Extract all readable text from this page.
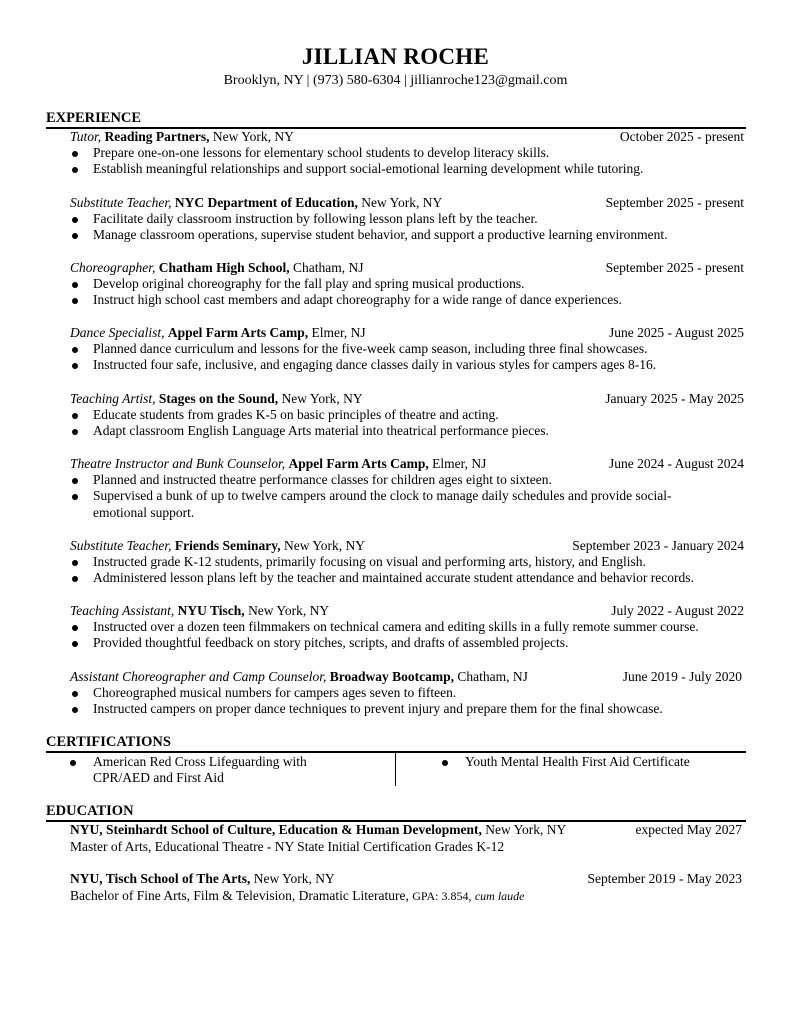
JILLIAN ROCHE
Brooklyn, NY | (973) 580-6304 | jillianroche123@gmail.com
EXPERIENCE
Tutor, Reading Partners, New York, NY	October 2025 - present
Prepare one-on-one lessons for elementary school students to develop literacy skills.
Establish meaningful relationships and support social-emotional learning development while tutoring.
Substitute Teacher, NYC Department of Education, New York, NY	September 2025 - present
Facilitate daily classroom instruction by following lesson plans left by the teacher.
Manage classroom operations, supervise student behavior, and support a productive learning environment.
Choreographer, Chatham High School, Chatham, NJ	September 2025 - present
Develop original choreography for the fall play and spring musical productions.
Instruct high school cast members and adapt choreography for a wide range of dance experiences.
Dance Specialist, Appel Farm Arts Camp, Elmer, NJ	June 2025 - August 2025
Planned dance curriculum and lessons for the five-week camp season, including three final showcases.
Instructed four safe, inclusive, and engaging dance classes daily in various styles for campers ages 8-16.
Teaching Artist, Stages on the Sound, New York, NY	January 2025 - May 2025
Educate students from grades K-5 on basic principles of theatre and acting.
Adapt classroom English Language Arts material into theatrical performance pieces.
Theatre Instructor and Bunk Counselor, Appel Farm Arts Camp, Elmer, NJ	June 2024 - August 2024
Planned and instructed theatre performance classes for children ages eight to sixteen.
Supervised a bunk of up to twelve campers around the clock to manage daily schedules and provide social-emotional support.
Substitute Teacher, Friends Seminary, New York, NY	September 2023 - January 2024
Instructed grade K-12 students, primarily focusing on visual and performing arts, history, and English.
Administered lesson plans left by the teacher and maintained accurate student attendance and behavior records.
Teaching Assistant, NYU Tisch, New York, NY	July 2022 - August 2022
Instructed over a dozen teen filmmakers on technical camera and editing skills in a fully remote summer course.
Provided thoughtful feedback on story pitches, scripts, and drafts of assembled projects.
Assistant Choreographer and Camp Counselor, Broadway Bootcamp, Chatham, NJ	June 2019 - July 2020
Choreographed musical numbers for campers ages seven to fifteen.
Instructed campers on proper dance techniques to prevent injury and prepare them for the final showcase.
CERTIFICATIONS
American Red Cross Lifeguarding with CPR/AED and First Aid
Youth Mental Health First Aid Certificate
EDUCATION
NYU, Steinhardt School of Culture, Education & Human Development, New York, NY	expected May 2027
Master of Arts, Educational Theatre - NY State Initial Certification Grades K-12
NYU, Tisch School of The Arts, New York, NY	September 2019 - May 2023
Bachelor of Fine Arts, Film & Television, Dramatic Literature, GPA: 3.854, cum laude
